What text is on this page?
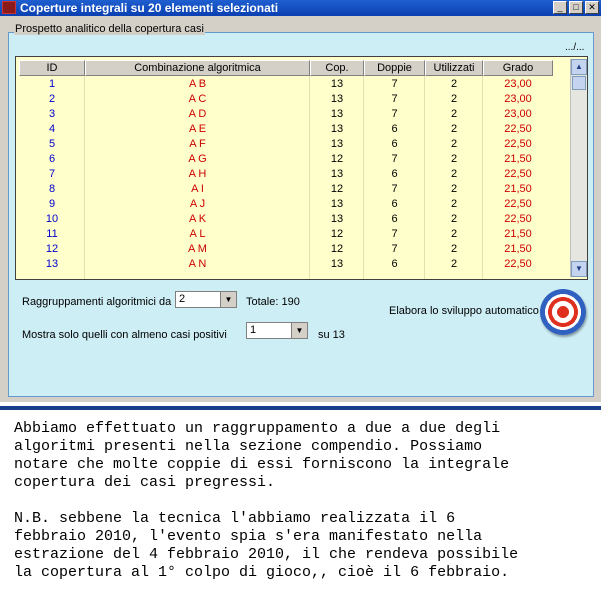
Coperture integrali su 20 elementi selezionati	_	□	✕
Prospetto analitico della copertura casi
.../...
ID	Combinazione algoritmica	Cop.	Doppie	Utilizzati	Grado
1	A B	13	7	2	23,00
2	A C	13	7	2	23,00
3	A D	13	7	2	23,00
4	A E	13	6	2	22,50
5	A F	13	6	2	22,50
6	A G	12	7	2	21,50
7	A H	13	6	2	22,50
8	A I	12	7	2	21,50
9	A J	13	6	2	22,50
10	A K	13	6	2	22,50
11	A L	12	7	2	21,50
12	A M	12	7	2	21,50
13	A N	13	6	2	22,50
▲
▼
Raggruppamenti algoritmici da 2	▼	Totale: 190
Mostra solo quelli con almeno casi positivi 1	▼	su 13
Elabora lo sviluppo automatico

Abbiamo effettuato un raggruppamento a due a due degli
algoritmi presenti nella sezione compendio. Possiamo
notare che molte coppie di essi forniscono la integrale
copertura dei casi pregressi.

N.B. sebbene la tecnica l'abbiamo realizzata il 6
febbraio 2010, l'evento spia s'era manifestato nella
estrazione del 4 febbraio 2010, il che rendeva possibile
la copertura al 1° colpo di gioco,, cioè il 6 febbraio.
